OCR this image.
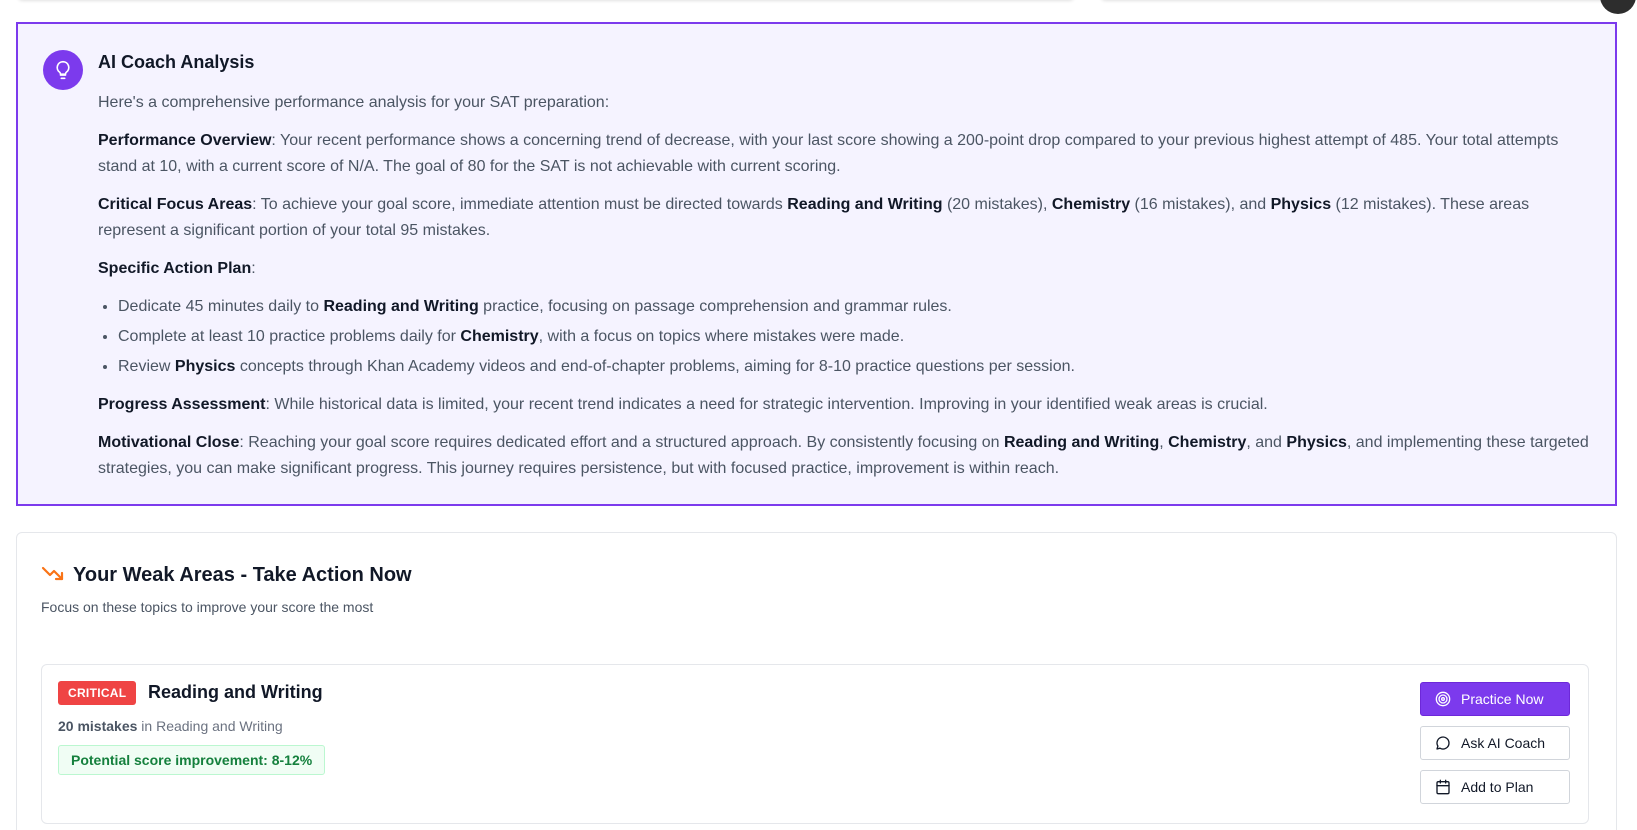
AI Coach Analysis

Here's a comprehensive performance analysis for your SAT preparation:

Performance Overview: Your recent performance shows a concerning trend of decrease, with your last score showing a 200-point drop compared to your previous highest attempt of 485. Your total attempts stand at 10, with a current score of N/A. The goal of 80 for the SAT is not achievable with current scoring.

Critical Focus Areas: To achieve your goal score, immediate attention must be directed towards Reading and Writing (20 mistakes), Chemistry (16 mistakes), and Physics (12 mistakes). These areas represent a significant portion of your total 95 mistakes.

Specific Action Plan:

• Dedicate 45 minutes daily to Reading and Writing practice, focusing on passage comprehension and grammar rules.
• Complete at least 10 practice problems daily for Chemistry, with a focus on topics where mistakes were made.
• Review Physics concepts through Khan Academy videos and end-of-chapter problems, aiming for 8-10 practice questions per session.

Progress Assessment: While historical data is limited, your recent trend indicates a need for strategic intervention. Improving in your identified weak areas is crucial.

Motivational Close: Reaching your goal score requires dedicated effort and a structured approach. By consistently focusing on Reading and Writing, Chemistry, and Physics, and implementing these targeted strategies, you can make significant progress. This journey requires persistence, but with focused practice, improvement is within reach.

Your Weak Areas - Take Action Now

Focus on these topics to improve your score the most

CRITICAL	Reading and Writing

20 mistakes in Reading and Writing

Potential score improvement: 8-12%
Practice Now
Ask AI Coach
Add to Plan
